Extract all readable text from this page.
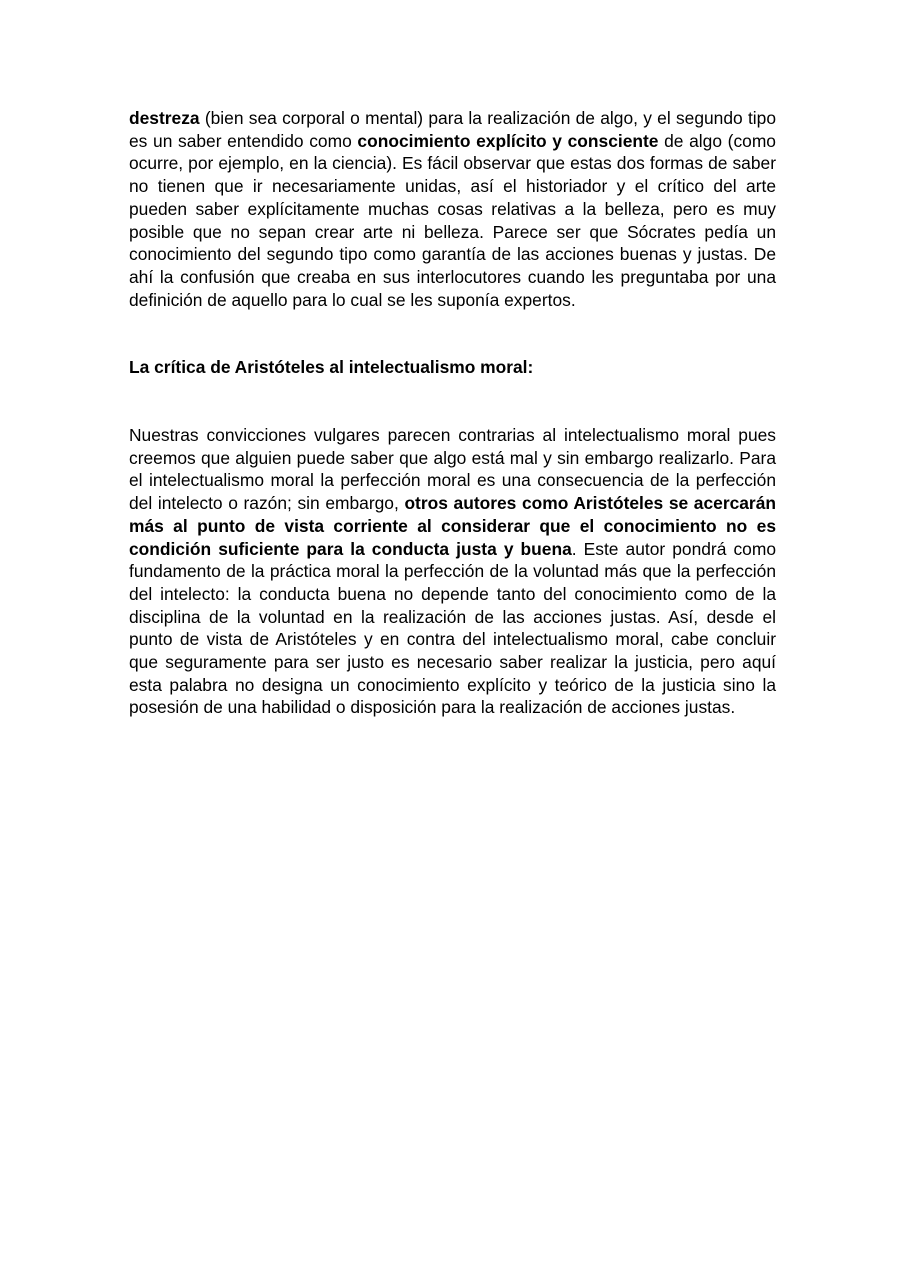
destreza (bien sea corporal o mental) para la realización de algo, y el segundo tipo es un saber entendido como conocimiento explícito y consciente de algo (como ocurre, por ejemplo, en la ciencia). Es fácil observar que estas dos formas de saber no tienen que ir necesariamente unidas, así el historiador y el crítico del arte pueden saber explícitamente muchas cosas relativas a la belleza, pero es muy posible que no sepan crear arte ni belleza. Parece ser que Sócrates pedía un conocimiento del segundo tipo como garantía de las acciones buenas y justas. De ahí la confusión que creaba en sus interlocutores cuando les preguntaba por una definición de aquello para lo cual se les suponía expertos.

La crítica de Aristóteles al intelectualismo moral:

Nuestras convicciones vulgares parecen contrarias al intelectualismo moral pues creemos que alguien puede saber que algo está mal y sin embargo realizarlo. Para el intelectualismo moral la perfección moral es una consecuencia de la perfección del intelecto o razón; sin embargo, otros autores como Aristóteles se acercarán más al punto de vista corriente al considerar que el conocimiento no es condición suficiente para la conducta justa y buena. Este autor pondrá como fundamento de la práctica moral la perfección de la voluntad más que la perfección del intelecto: la conducta buena no depende tanto del conocimiento como de la disciplina de la voluntad en la realización de las acciones justas. Así, desde el punto de vista de Aristóteles y en contra del intelectualismo moral, cabe concluir que seguramente para ser justo es necesario saber realizar la justicia, pero aquí esta palabra no designa un conocimiento explícito y teórico de la justicia sino la posesión de una habilidad o disposición para la realización de acciones justas.
